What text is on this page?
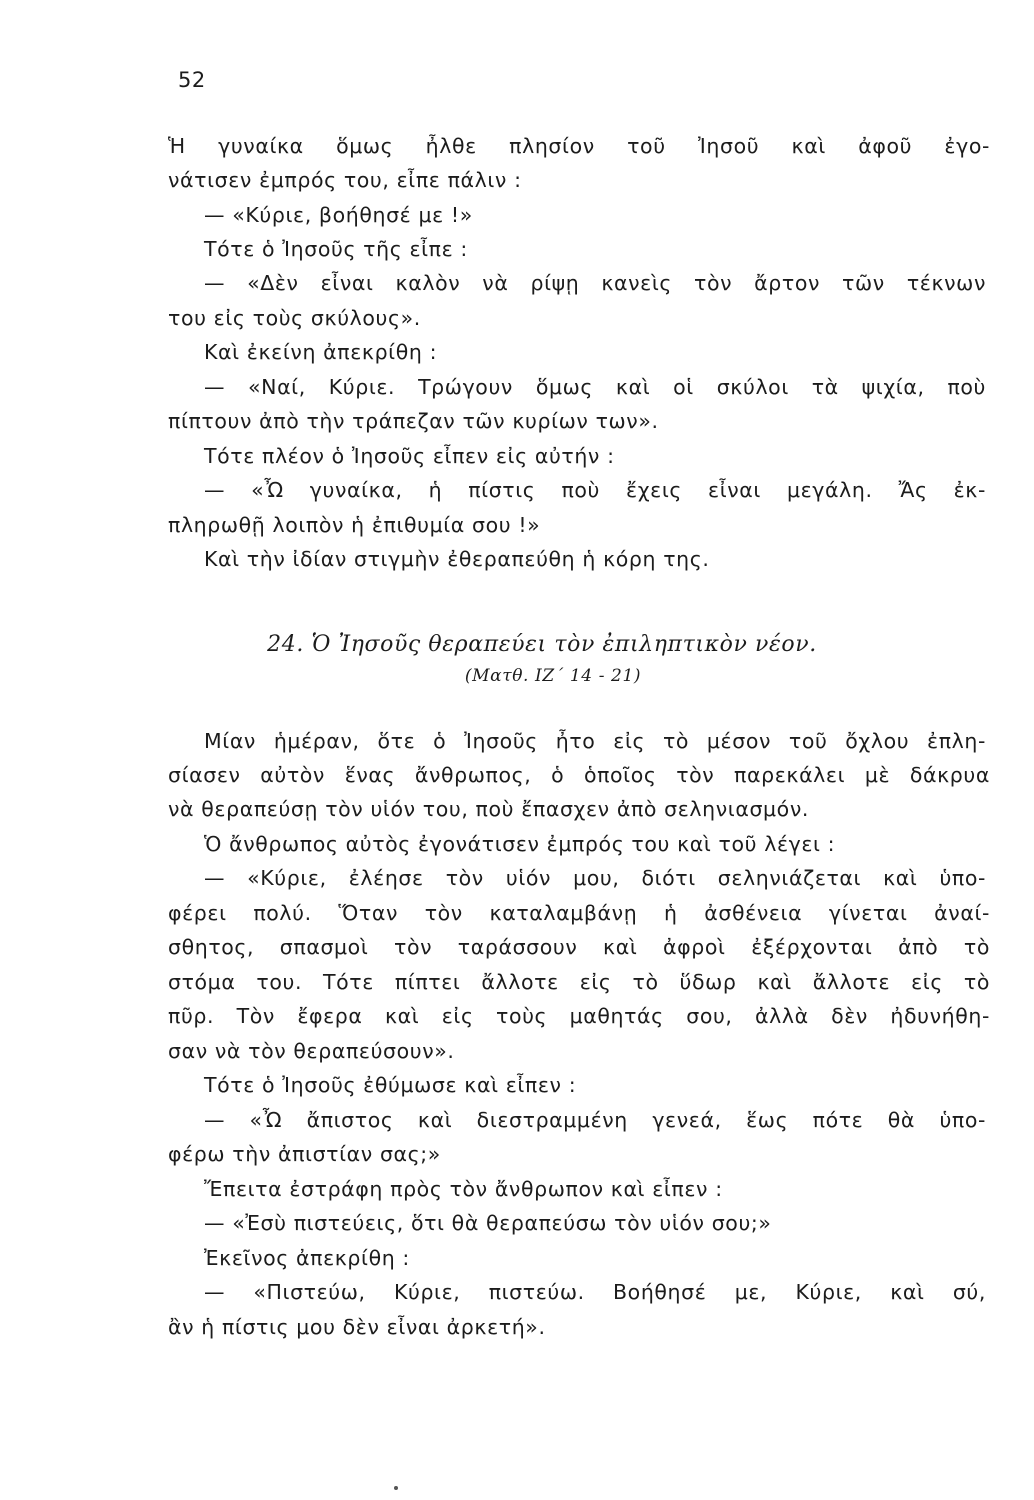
52
Ἡ γυναίκα ὅμως ἦλθε πλησίον τοῦ Ἰησοῦ καὶ ἀφοῦ ἐγο-
νάτισεν ἐμπρός του, εἶπε πάλιν :
— «Κύριε, βοήθησέ με !»
Τότε ὁ Ἰησοῦς τῆς εἶπε :
— «Δὲν εἶναι καλὸν νὰ ρίψῃ κανεὶς τὸν ἄρτον τῶν τέκνων
του εἰς τοὺς σκύλους».
Καὶ ἐκείνη ἀπεκρίθη :
— «Ναί, Κύριε. Τρώγουν ὅμως καὶ οἱ σκύλοι τὰ ψιχία, ποὺ
πίπτουν ἀπὸ τὴν τράπεζαν τῶν κυρίων των».
Τότε πλέον ὁ Ἰησοῦς εἶπεν εἰς αὐτήν :
— «Ὦ γυναίκα, ἡ πίστις ποὺ ἔχεις εἶναι μεγάλη. Ἄς ἐκ-
πληρωθῇ λοιπὸν ἡ ἐπιθυμία σου !»
Καὶ τὴν ἰδίαν στιγμὴν ἐθεραπεύθη ἡ κόρη της.
24. Ὁ Ἰησοῦς θεραπεύει τὸν ἐπιληπτικὸν νέον.
(Ματθ. ΙΖ΄ 14 - 21)
Μίαν ἡμέραν, ὅτε ὁ Ἰησοῦς ἦτο εἰς τὸ μέσον τοῦ ὄχλου ἐπλη-
σίασεν αὐτὸν ἕνας ἄνθρωπος, ὁ ὁποῖος τὸν παρεκάλει μὲ δάκρυα
νὰ θεραπεύσῃ τὸν υἱόν του, ποὺ ἔπασχεν ἀπὸ σεληνιασμόν.
Ὁ ἄνθρωπος αὐτὸς ἐγονάτισεν ἐμπρός του καὶ τοῦ λέγει :
— «Κύριε, ἐλέησε τὸν υἱόν μου, διότι σεληνιάζεται καὶ ὑπο-
φέρει πολύ. Ὅταν τὸν καταλαμβάνῃ ἡ ἀσθένεια γίνεται ἀναί-
σθητος, σπασμοὶ τὸν ταράσσουν καὶ ἀφροὶ ἐξέρχονται ἀπὸ τὸ
στόμα του. Τότε πίπτει ἄλλοτε εἰς τὸ ὕδωρ καὶ ἄλλοτε εἰς τὸ
πῦρ. Τὸν ἔφερα καὶ εἰς τοὺς μαθητάς σου, ἀλλὰ δὲν ἠδυνήθη-
σαν νὰ τὸν θεραπεύσουν».
Τότε ὁ Ἰησοῦς ἐθύμωσε καὶ εἶπεν :
— «Ὦ ἄπιστος καὶ διεστραμμένη γενεά, ἕως πότε θὰ ὑπο-
φέρω τὴν ἀπιστίαν σας;»
Ἔπειτα ἐστράφη πρὸς τὸν ἄνθρωπον καὶ εἶπεν :
— «Ἐσὺ πιστεύεις, ὅτι θὰ θεραπεύσω τὸν υἱόν σου;»
Ἐκεῖνος ἀπεκρίθη :
— «Πιστεύω, Κύριε, πιστεύω. Βοήθησέ με, Κύριε, καὶ σύ,
ἂν ἡ πίστις μου δὲν εἶναι ἀρκετή».
